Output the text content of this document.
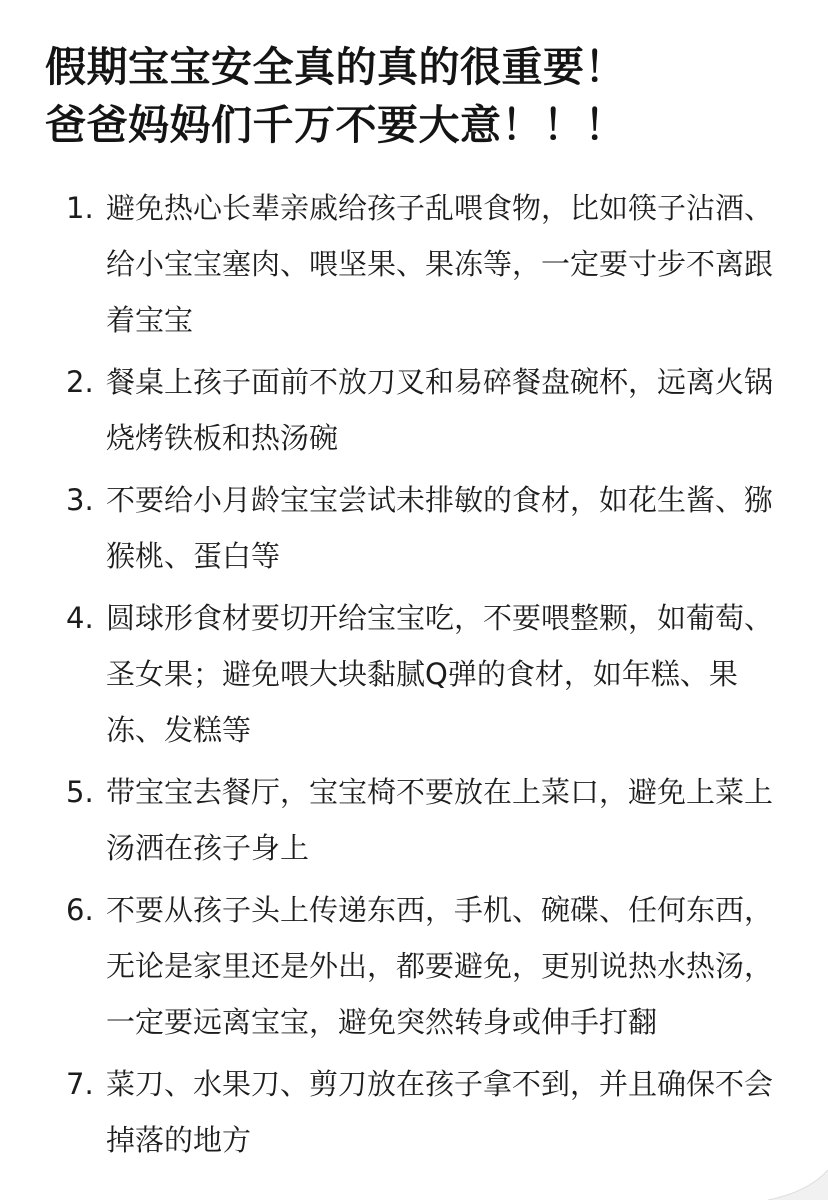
假期宝宝安全真的真的很重要！
爸爸妈妈们千万不要大意！！！
1. 避免热心长辈亲戚给孩子乱喂食物，比如筷子沾酒、给小宝宝塞肉、喂坚果、果冻等，一定要寸步不离跟着宝宝
2. 餐桌上孩子面前不放刀叉和易碎餐盘碗杯，远离火锅烧烤铁板和热汤碗
3. 不要给小月龄宝宝尝试未排敏的食材，如花生酱、猕猴桃、蛋白等
4. 圆球形食材要切开给宝宝吃，不要喂整颗，如葡萄、圣女果；避免喂大块黏腻Q弹的食材，如年糕、果冻、发糕等
5. 带宝宝去餐厅，宝宝椅不要放在上菜口，避免上菜上汤洒在孩子身上
6. 不要从孩子头上传递东西，手机、碗碟、任何东西，无论是家里还是外出，都要避免，更别说热水热汤，一定要远离宝宝，避免突然转身或伸手打翻
7. 菜刀、水果刀、剪刀放在孩子拿不到，并且确保不会掉落的地方
